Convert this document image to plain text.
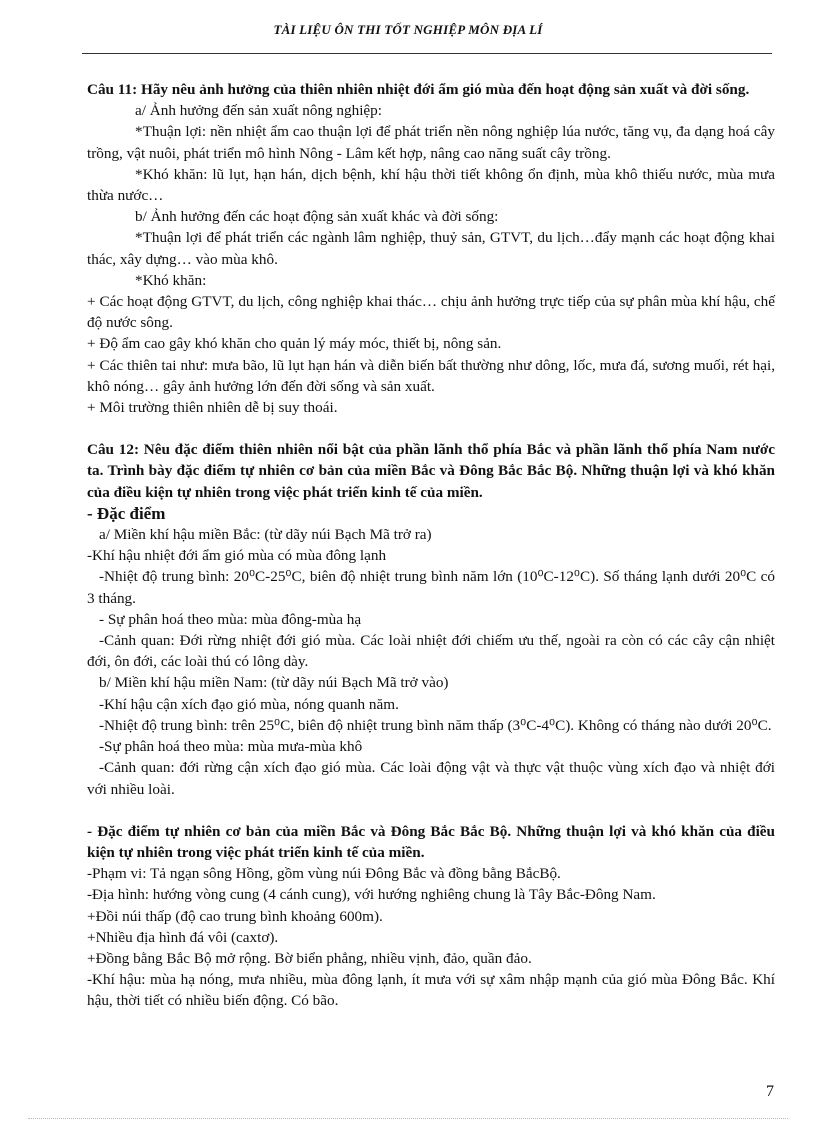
TÀI LIỆU ÔN THI TỐT NGHIỆP MÔN ĐỊA LÍ

Câu 11: Hãy nêu ảnh hưởng của thiên nhiên nhiệt đới ẩm gió mùa đến hoạt động sản xuất và đời sống.

a/ Ảnh hưởng đến sản xuất nông nghiệp:

*Thuận lợi: nền nhiệt ẩm cao thuận lợi để phát triển nền nông nghiệp lúa nước, tăng vụ, đa dạng hoá cây trồng, vật nuôi, phát triển mô hình Nông - Lâm kết hợp, nâng cao năng suất cây trồng.

*Khó khăn: lũ lụt, hạn hán, dịch bệnh, khí hậu thời tiết không ổn định, mùa khô thiếu nước, mùa mưa thừa nước…

b/ Ảnh hưởng đến các hoạt động sản xuất khác và đời sống:

*Thuận lợi để phát triển các ngành lâm nghiệp, thuỷ sản, GTVT, du lịch…đẩy mạnh các hoạt động khai thác, xây dựng… vào mùa khô.

*Khó khăn:

+ Các hoạt động GTVT, du lịch, công nghiệp khai thác… chịu ảnh hưởng trực tiếp của sự phân mùa khí hậu, chế độ nước sông.

+ Độ ẩm cao gây khó khăn cho quản lý máy móc, thiết bị, nông sản.

+ Các thiên tai như: mưa bão, lũ lụt hạn hán và diễn biến bất thường như dông, lốc, mưa đá, sương muối, rét hại, khô nóng… gây ảnh hưởng lớn đến đời sống và sản xuất.

+ Môi trường thiên nhiên dễ bị suy thoái.

Câu 12: Nêu đặc điểm thiên nhiên nổi bật của phần lãnh thổ phía Bắc và phần lãnh thổ phía Nam nước ta. Trình bày đặc điểm tự nhiên cơ bản của miền Bắc và Đông Bắc Bắc Bộ. Những thuận lợi và khó khăn của điều kiện tự nhiên trong việc phát triển kinh tế của miền.

- Đặc điểm

a/ Miền khí hậu miền Bắc: (từ dãy núi Bạch Mã trở ra)

-Khí hậu nhiệt đới ẩm gió mùa có mùa đông lạnh

-Nhiệt độ trung bình: 20⁰C-25⁰C, biên độ nhiệt trung bình năm lớn (10⁰C-12⁰C). Số tháng lạnh dưới 20⁰C có 3 tháng.

- Sự phân hoá theo mùa: mùa đông-mùa hạ

-Cảnh quan: Đới rừng nhiệt đới gió mùa. Các loài nhiệt đới chiếm ưu thế, ngoài ra còn có các cây cận nhiệt đới, ôn đới, các loài thú có lông dày.

b/ Miền khí hậu miền Nam: (từ dãy núi Bạch Mã trở vào)

-Khí hậu cận xích đạo gió mùa, nóng quanh năm.

-Nhiệt độ trung bình: trên 25⁰C, biên độ nhiệt trung bình năm thấp (3⁰C-4⁰C). Không có tháng nào dưới 20⁰C.

-Sự phân hoá theo mùa: mùa mưa-mùa khô

-Cảnh quan: đới rừng cận xích đạo gió mùa. Các loài động vật và thực vật thuộc vùng xích đạo và nhiệt đới với nhiều loài.

- Đặc điểm tự nhiên cơ bản của miền Bắc và Đông Bắc Bắc Bộ. Những thuận lợi và khó khăn của điều kiện tự nhiên trong việc phát triển kinh tế của miền.

-Phạm vi: Tả ngạn sông Hồng, gồm vùng núi Đông Bắc và đồng bằng BắcBộ.

-Địa hình: hướng vòng cung (4 cánh cung), với hướng nghiêng chung là Tây Bắc-Đông Nam.

+Đồi núi thấp (độ cao trung bình khoảng 600m).

+Nhiều địa hình đá vôi (caxtơ).

+Đồng bằng Bắc Bộ mở rộng. Bờ biển phẳng, nhiều vịnh, đảo, quần đảo.

-Khí hậu: mùa hạ nóng, mưa nhiều, mùa đông lạnh, ít mưa với sự xâm nhập mạnh của gió mùa Đông Bắc. Khí hậu, thời tiết có nhiều biến động. Có bão.

7
